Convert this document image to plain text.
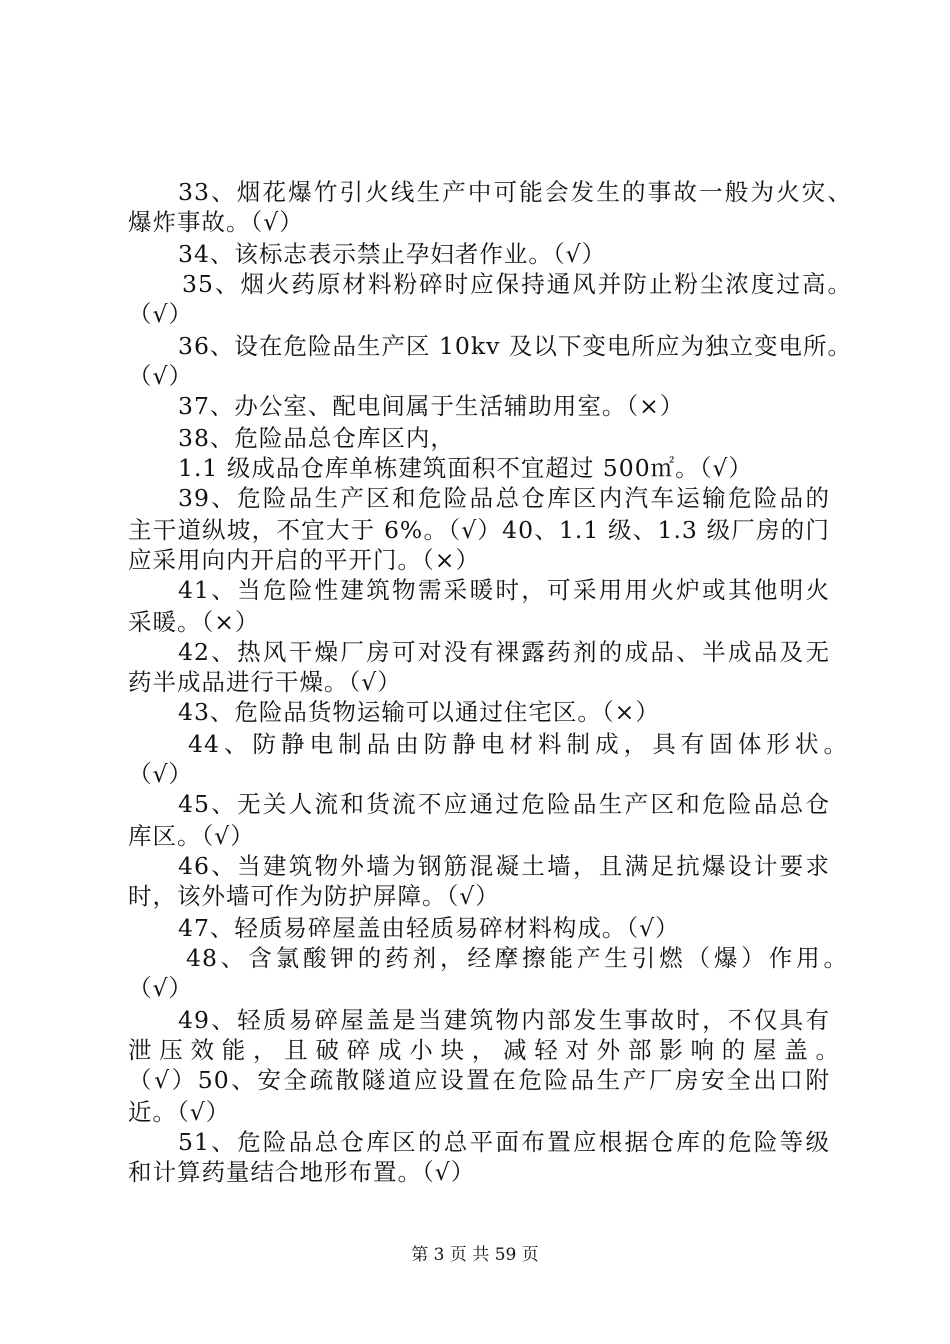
33、烟花爆竹引火线生产中可能会发生的事故一般为火灾、
爆炸事故。（√）
34、该标志表示禁止孕妇者作业。（√）
35、烟火药原材料粉碎时应保持通风并防止粉尘浓度过高。
（√）
36、设在危险品生产区 10kv 及以下变电所应为独立变电所。
（√）
37、办公室、配电间属于生活辅助用室。（×）
38、危险品总仓库区内，
1.1 级成品仓库单栋建筑面积不宜超过 500㎡。（√）
39、危险品生产区和危险品总仓库区内汽车运输危险品的
主干道纵坡，不宜大于 6%。（√）40、1.1 级、1.3 级厂房的门
应采用向内开启的平开门。（×）
41、当危险性建筑物需采暖时，可采用用火炉或其他明火
采暖。（×）
42、热风干燥厂房可对没有裸露药剂的成品、半成品及无
药半成品进行干燥。（√）
43、危险品货物运输可以通过住宅区。（×）
44、防静电制品由防静电材料制成，具有固体形状。
（√）
45、无关人流和货流不应通过危险品生产区和危险品总仓
库区。（√）
46、当建筑物外墙为钢筋混凝土墙，且满足抗爆设计要求
时，该外墙可作为防护屏障。（√）
47、轻质易碎屋盖由轻质易碎材料构成。（√）
48、含氯酸钾的药剂，经摩擦能产生引燃（爆）作用。
（√）
49、轻质易碎屋盖是当建筑物内部发生事故时，不仅具有
泄压效能，且破碎成小块，减轻对外部影响的屋盖。
（√）50、安全疏散隧道应设置在危险品生产厂房安全出口附
近。（√）
51、危险品总仓库区的总平面布置应根据仓库的危险等级
和计算药量结合地形布置。（√）
第 3 页 共 59 页
